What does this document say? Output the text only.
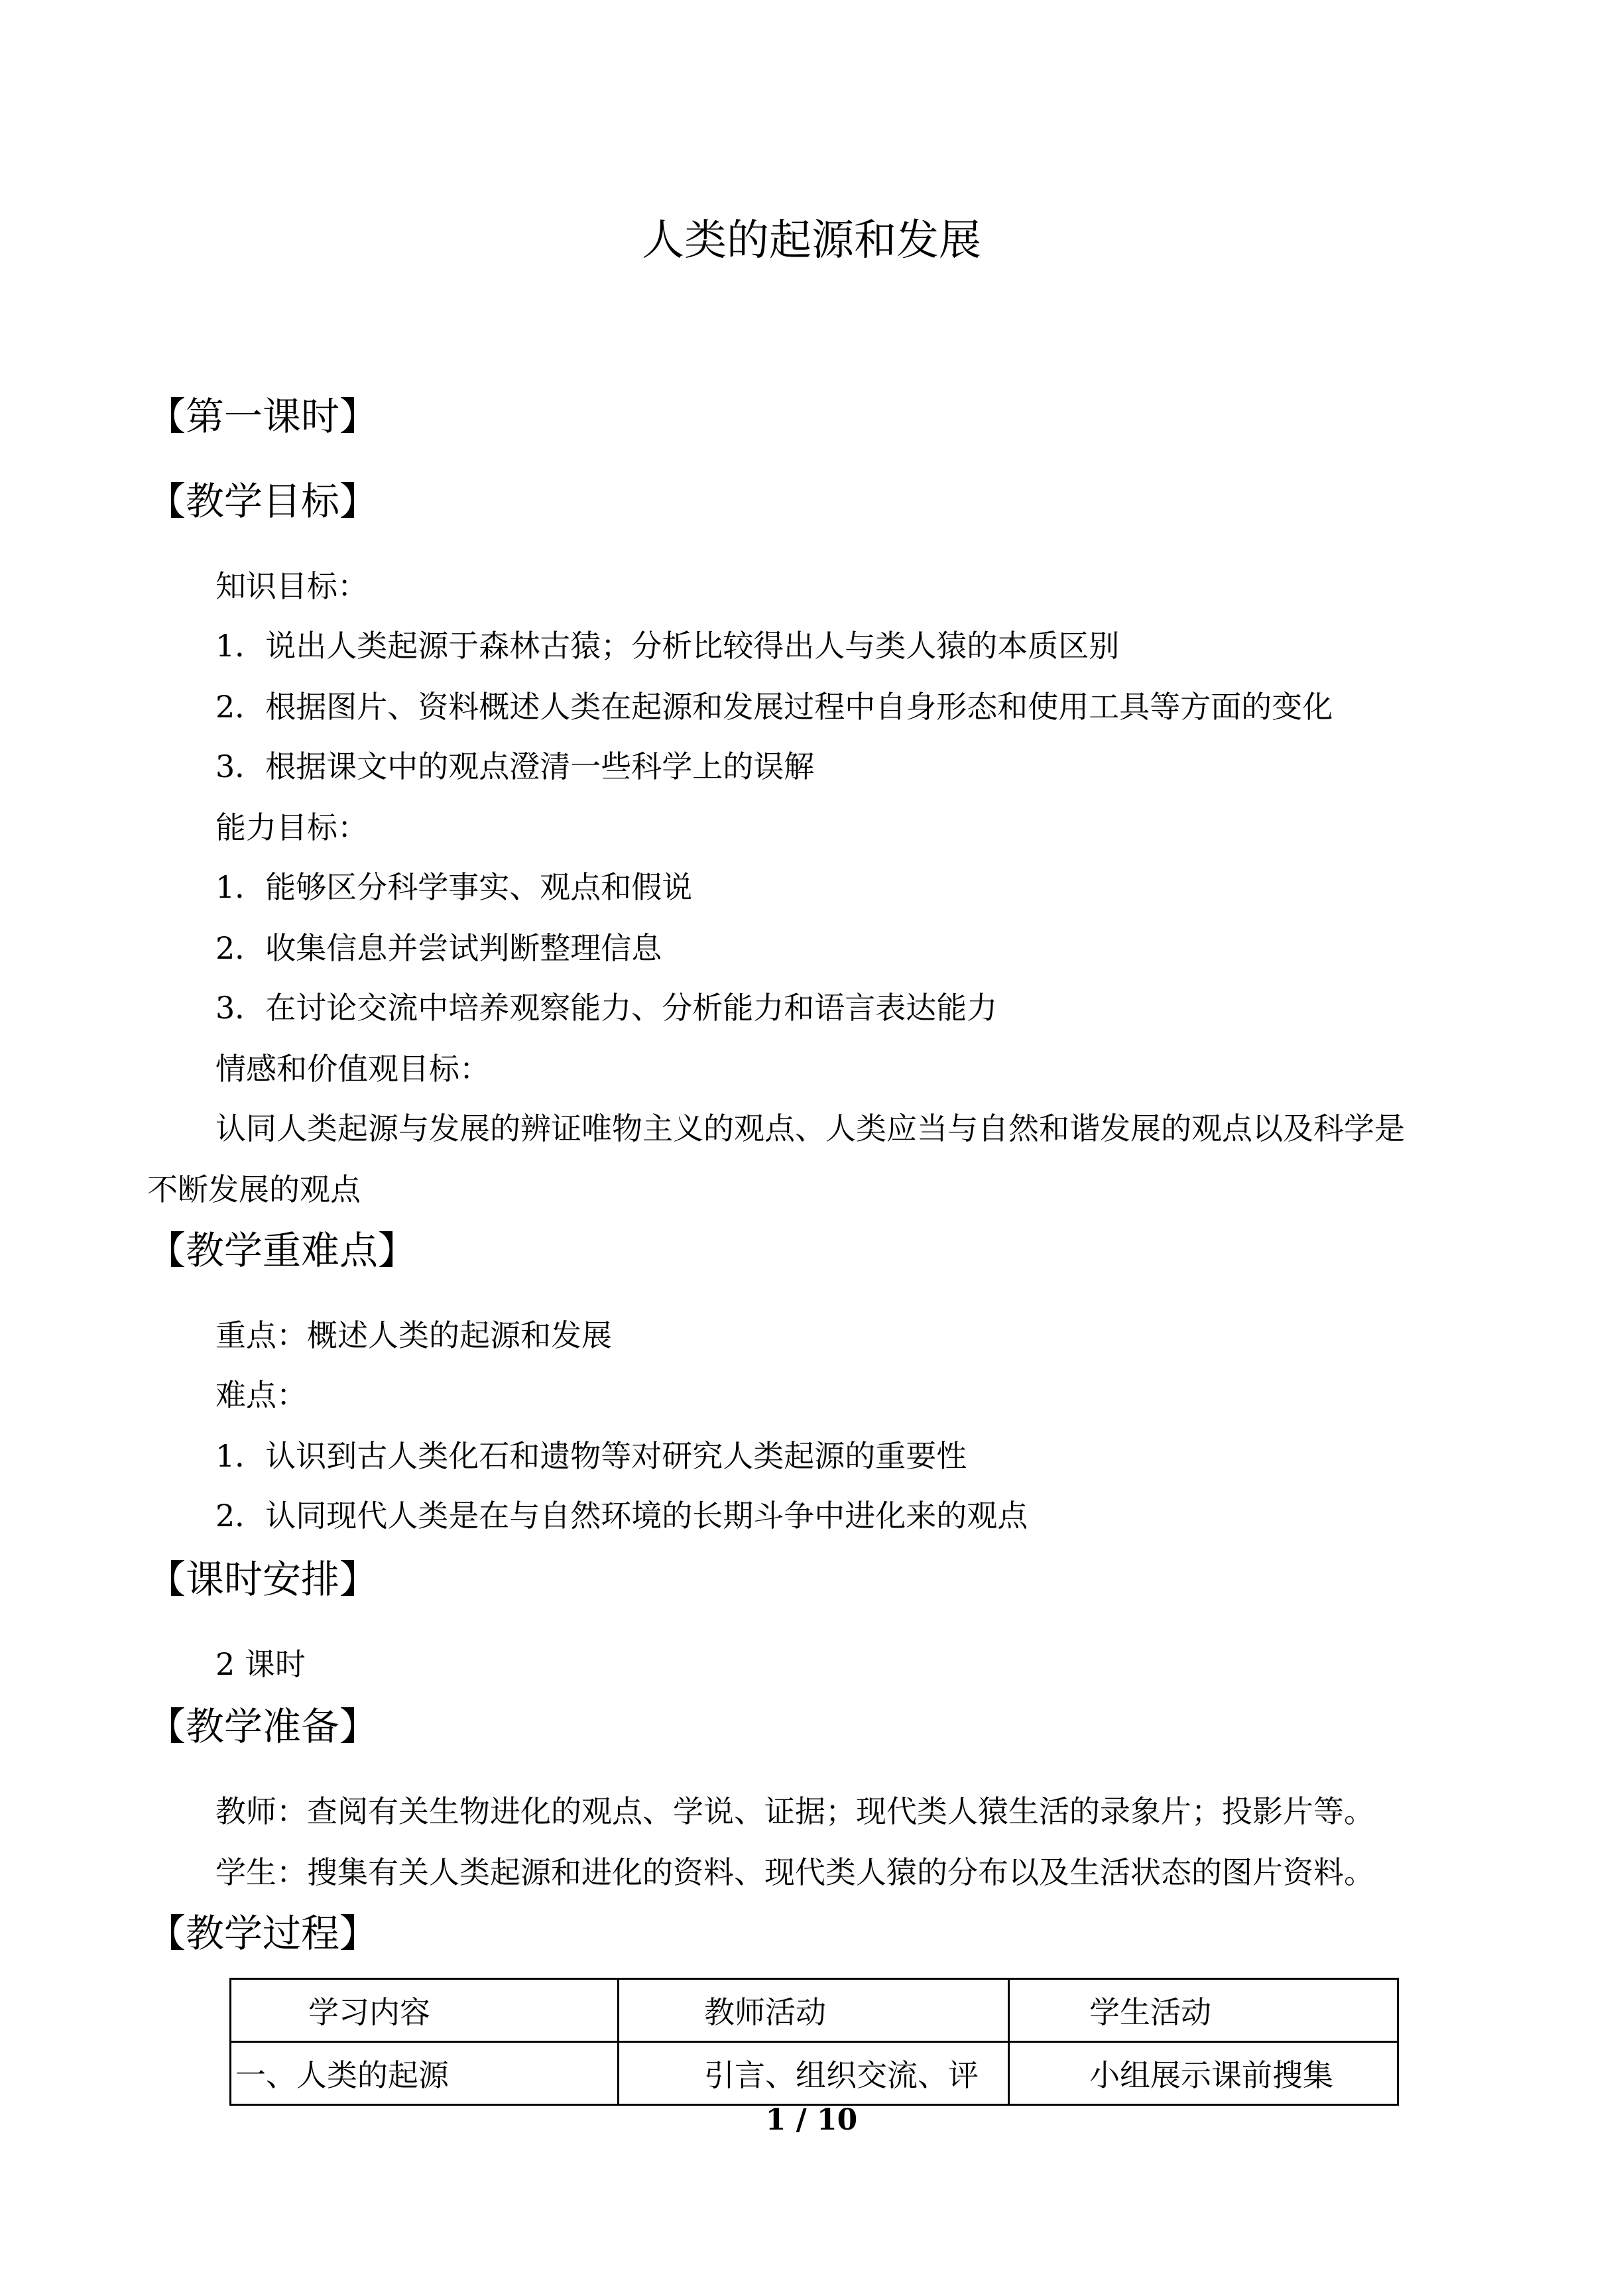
人类的起源和发展
【第一课时】
【教学目标】
知识目标：
1．说出人类起源于森林古猿；分析比较得出人与类人猿的本质区别
2．根据图片、资料概述人类在起源和发展过程中自身形态和使用工具等方面的变化
3．根据课文中的观点澄清一些科学上的误解
能力目标：
1．能够区分科学事实、观点和假说
2．收集信息并尝试判断整理信息
3．在讨论交流中培养观察能力、分析能力和语言表达能力
情感和价值观目标：
认同人类起源与发展的辨证唯物主义的观点、人类应当与自然和谐发展的观点以及科学是
不断发展的观点
【教学重难点】
重点：概述人类的起源和发展
难点：
1．认识到古人类化石和遗物等对研究人类起源的重要性
2．认同现代人类是在与自然环境的长期斗争中进化来的观点
【课时安排】
2 课时
【教学准备】
教师：查阅有关生物进化的观点、学说、证据；现代类人猿生活的录象片；投影片等。
学生：搜集有关人类起源和进化的资料、现代类人猿的分布以及生活状态的图片资料。
【教学过程】
学习内容	教师活动	学生活动
一、人类的起源	引言、组织交流、评	小组展示课前搜集
1 / 10
